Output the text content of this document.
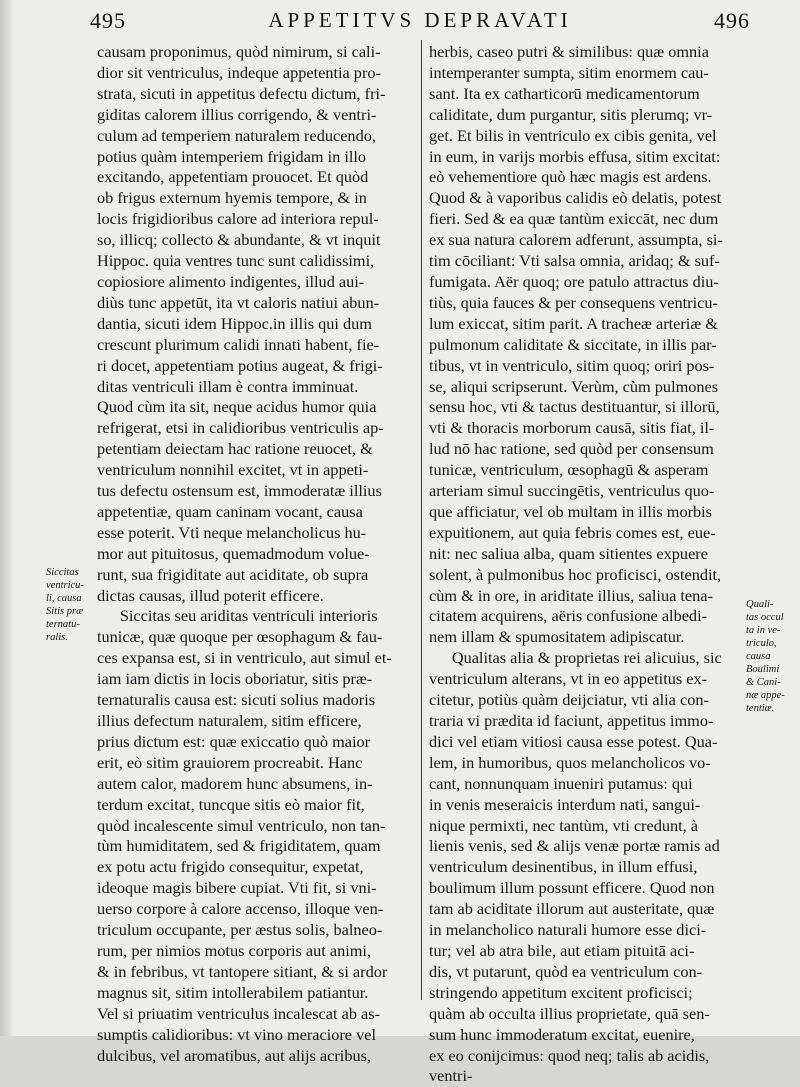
495	APPETITVS DEPRAVATI	496
causam proponimus, quòd nimirum, si cali-
dior sit ventriculus, indeque appetentia pro-
strata, sicuti in appetitus defectu dictum, fri-
giditas calorem illius corrigendo, & ventri-
culum ad temperiem naturalem reducendo,
potius quàm intemperiem frigidam in illo
excitando, appetentiam prouocet. Et quòd
ob frigus externum hyemis tempore, & in
locis frigidioribus calore ad interiora repul-
so, illicq; collecto & abundante, & vt inquit
Hippoc. quia ventres tunc sunt calidissimi,
copiosiore alimento indigentes, illud aui-
diùs tunc appetūt, ita vt caloris natiui abun-
dantia, sicuti idem Hippoc.in illis qui dum
crescunt plurimum calidi innati habent, fie-
ri docet, appetentiam potius augeat, & frigi-
ditas ventriculi illam è contra imminuat.
Quod cùm ita sit, neque acidus humor quia
refrigerat, etsi in calidioribus ventriculis ap-
petentiam deiectam hac ratione reuocet, &
ventriculum nonnihil excitet, vt in appeti-
tus defectu ostensum est, immoderatæ illius
appetentiæ, quam caninam vocant, causa
esse poterit. Vti neque melancholicus hu-
mor aut pituitosus, quemadmodum volue-
runt, sua frigiditate aut aciditate, ob supra
dictas causas, illud poterit efficere.
Siccitas seu ariditas ventriculi interioris
tunicæ, quæ quoque per œsophagum & fau-
ces expansa est, si in ventriculo, aut simul et-
iam iam dictis in locis oboriatur, sitis præ-
ternaturalis causa est: sicuti solius madoris
illius defectum naturalem, sitim efficere,
prius dictum est: quæ exiccatio quò maior
erit, eò sitim grauiorem procreabit. Hanc
autem calor, madorem hunc absumens, in-
terdum excitat, tuncque sitis eò maior fit,
quòd incalescente simul ventriculo, non tan-
tùm humiditatem, sed & frigiditatem, quam
ex potu actu frigido consequitur, expetat,
ideoque magis bibere cupiat. Vti fit, si vni-
uerso corpore à calore accenso, illoque ven-
triculum occupante, per æstus solis, balneo-
rum, per nimios motus corporis aut animi,
& in febribus, vt tantopere sitiant, & si ardor
magnus sit, sitim intollerabilem patiantur.
Vel si priuatim ventriculus incalescat ab as-
sumptis calidioribus: vt vino meraciore vel
dulcibus, vel aromatibus, aut alijs acribus,
herbis, caseo putri & similibus: quæ omnia
intemperanter sumpta, sitim enormem cau-
sant. Ita ex catharticorū medicamentorum
caliditate, dum purgantur, sitis plerumq; vr-
get. Et bilis in ventriculo ex cibis genita, vel
in eum, in varijs morbis effusa, sitim excitat:
eò vehementiore quò hæc magis est ardens.
Quod & à vaporibus calidis eò delatis, potest
fieri. Sed & ea quæ tantùm exiccāt, nec dum
ex sua natura calorem adferunt, assumpta, si-
tim cōciliant: Vti salsa omnia, aridaq; & suf-
fumigata. Aër quoq; ore patulo attractus diu-
tiùs, quia fauces & per consequens ventricu-
lum exiccat, sitim parit. A tracheæ arteriæ &
pulmonum caliditate & siccitate, in illis par-
tibus, vt in ventriculo, sitim quoq; oriri pos-
se, aliqui scripserunt. Verùm, cùm pulmones
sensu hoc, vti & tactus destituantur, si illorū,
vti & thoracis morborum causā, sitis fiat, il-
lud nō hac ratione, sed quòd per consensum
tunicæ, ventriculum, œsophagū & asperam
arteriam simul succingētis, ventriculus quo-
que afficiatur, vel ob multam in illis morbis
expuitionem, aut quia febris comes est, eue-
nit: nec saliua alba, quam sitientes expuere
solent, à pulmonibus hoc proficisci, ostendit,
cùm & in ore, in ariditate illius, saliua tena-
citatem acquirens, aëris confusione albedi-
nem illam & spumositatem adipiscatur.
Qualitas alia & proprietas rei alicuius, sic
ventriculum alterans, vt in eo appetitus ex-
citetur, potiùs quàm deijciatur, vti alia con-
traria vi prædita id faciunt, appetitus immo-
dici vel etiam vitiosi causa esse potest. Qua-
lem, in humoribus, quos melancholicos vo-
cant, nonnunquam inueniri putamus: qui
in venis meseraicis interdum nati, sangui-
nique permixti, nec tantùm, vti credunt, à
lienis venis, sed & alijs venæ portæ ramis ad
ventriculum desinentibus, in illum effusi,
boulimum illum possunt efficere. Quod non
tam ab aciditate illorum aut austeritate, quæ
in melancholico naturali humore esse dici-
tur; vel ab atra bile, aut etiam pituitā aci-
dis, vt putarunt, quòd ea ventriculum con-
stringendo appetitum excitent proficisci;
quàm ab occulta illius proprietate, quā sen-
sum hunc immoderatum excitat, euenire,
ex eo conijcimus: quod neq; talis ab acidis,
ventri-
Siccitas
ventricu-
li, causa
Sitis præ
ternatu-
ralis.
Quali-
tas occul
ta in ve-
triculo,
causa
Boulimi
& Cani-
næ appe-
tentiæ.
